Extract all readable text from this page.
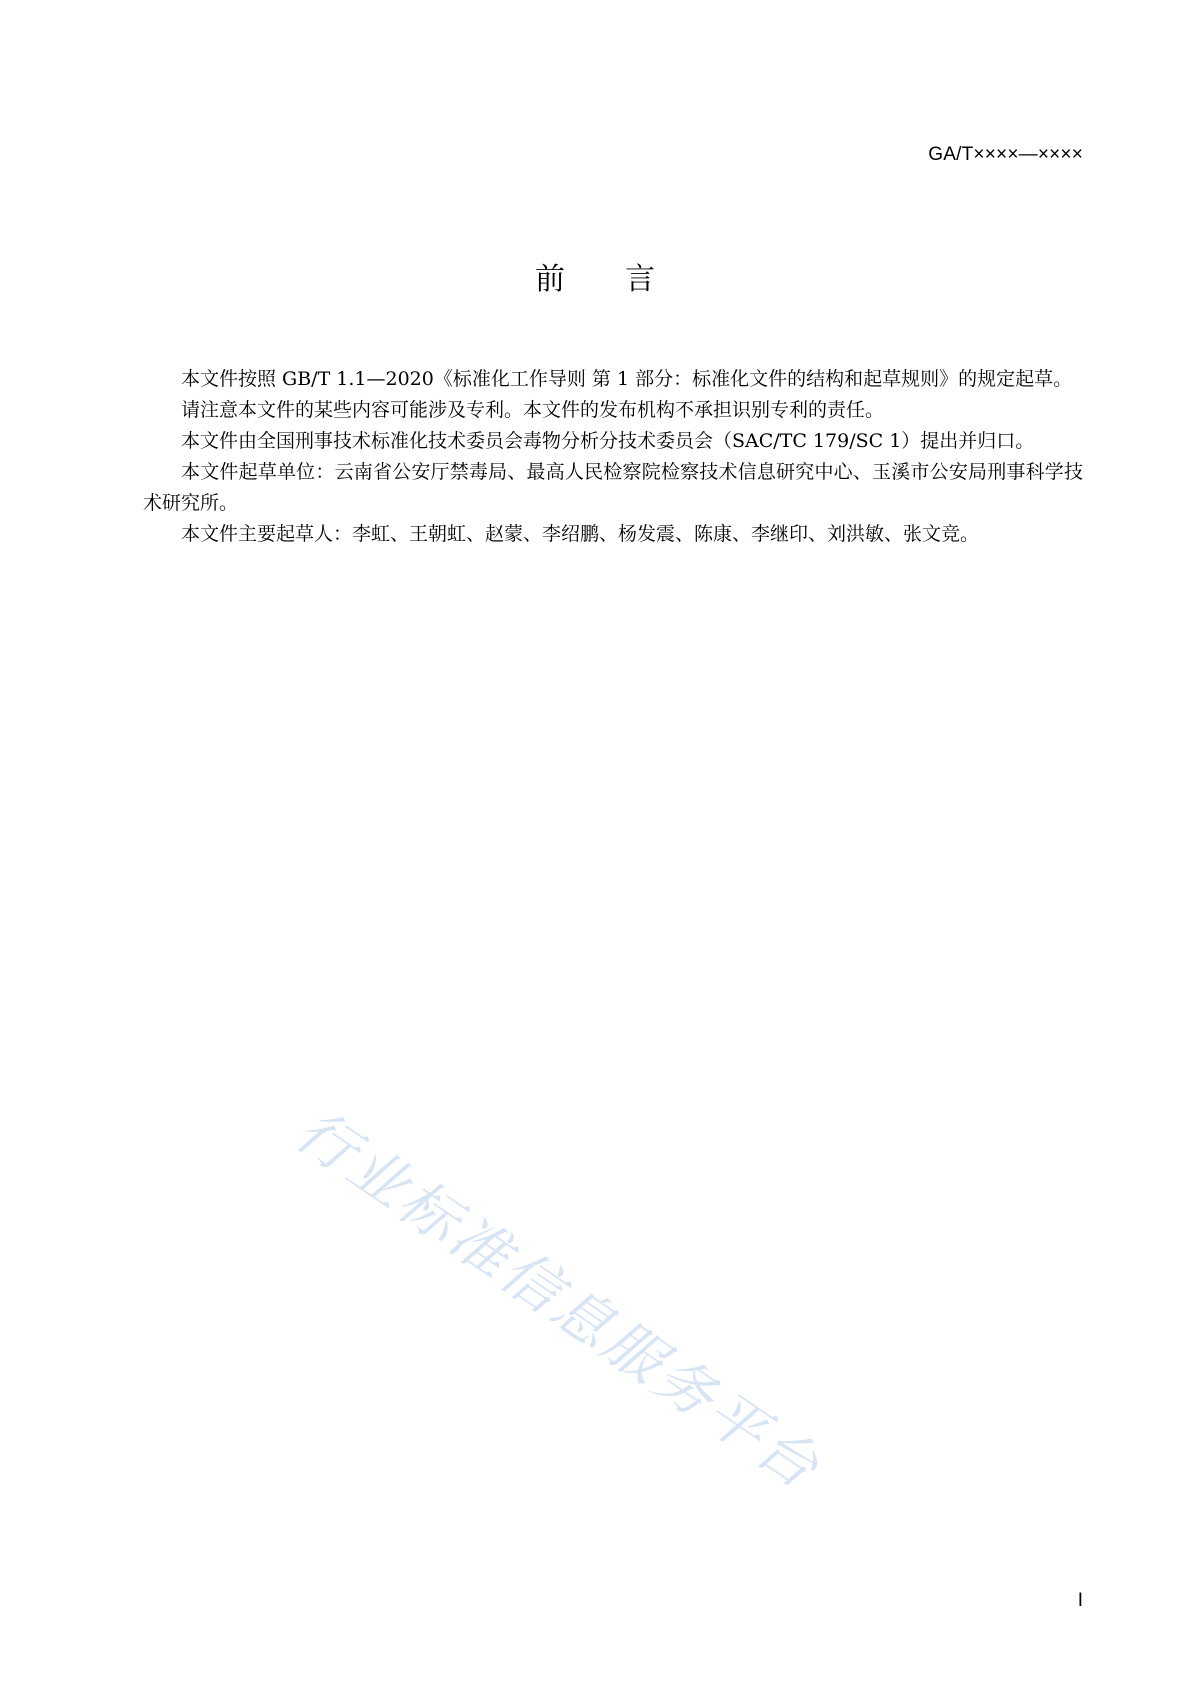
GA/T××××—××××
前言

本文件按照 GB/T 1.1—2020《标准化工作导则 第 1 部分：标准化文件的结构和起草规则》的规定起草。

请注意本文件的某些内容可能涉及专利。本文件的发布机构不承担识别专利的责任。

本文件由全国刑事技术标准化技术委员会毒物分析分技术委员会（SAC/TC 179/SC 1）提出并归口。

本文件起草单位：云南省公安厅禁毒局、最高人民检察院检察技术信息研究中心、玉溪市公安局刑事科学技术研究所。

本文件主要起草人：李虹、王朝虹、赵蒙、李绍鹏、杨发震、陈康、李继印、刘洪敏、张文竞。

行业标准信息服务平台
I
